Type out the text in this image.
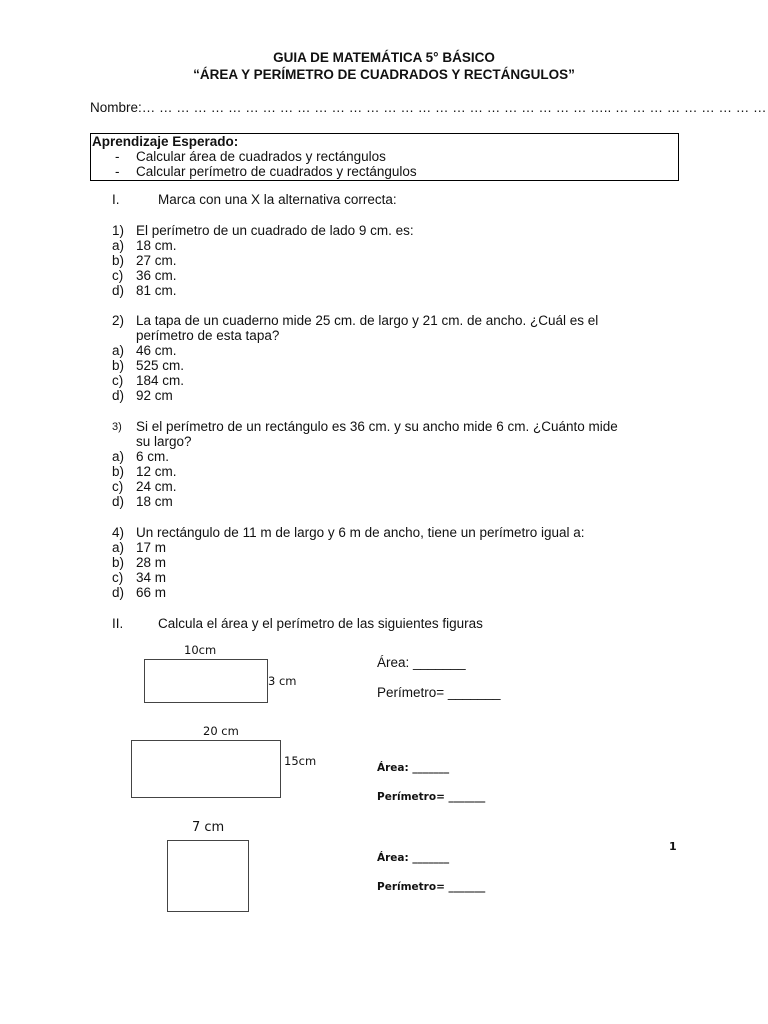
GUIA DE MATEMÁTICA 5° BÁSICO
“ÁREA Y PERÍMETRO DE CUADRADOS Y RECTÁNGULOS”
Nombre:… … … … … … … … … … … … … … … … … … … … … … … … … … ….. … … … … … … … … …
Aprendizaje Esperado:
- Calcular área de cuadrados y rectángulos
- Calcular perímetro de cuadrados y rectángulos
I.	Marca con una X la alternativa correcta:
1) El perímetro de un cuadrado de lado 9 cm. es:
a) 18 cm.
b) 27 cm.
c) 36 cm.
d) 81 cm.
2) La tapa de un cuaderno mide 25 cm. de largo y 21 cm. de ancho. ¿Cuál es el
perímetro de esta tapa?
a) 46 cm.
b) 525 cm.
c) 184 cm.
d) 92 cm
3) Si el perímetro de un rectángulo es 36 cm. y su ancho mide 6 cm. ¿Cuánto mide
su largo?
a) 6 cm.
b) 12 cm.
c) 24 cm.
d) 18 cm
4) Un rectángulo de 11 m de largo y 6 m de ancho, tiene un perímetro igual a:
a) 17 m
b) 28 m
c) 34 m
d) 66 m
II.	Calcula el área y el perímetro de las siguientes figuras
10cm
3 cm
Área: _______
Perímetro= _______
20 cm
15cm	Área: _______
Perímetro= _______
7 cm
Área: _______
Perímetro= _______
1
